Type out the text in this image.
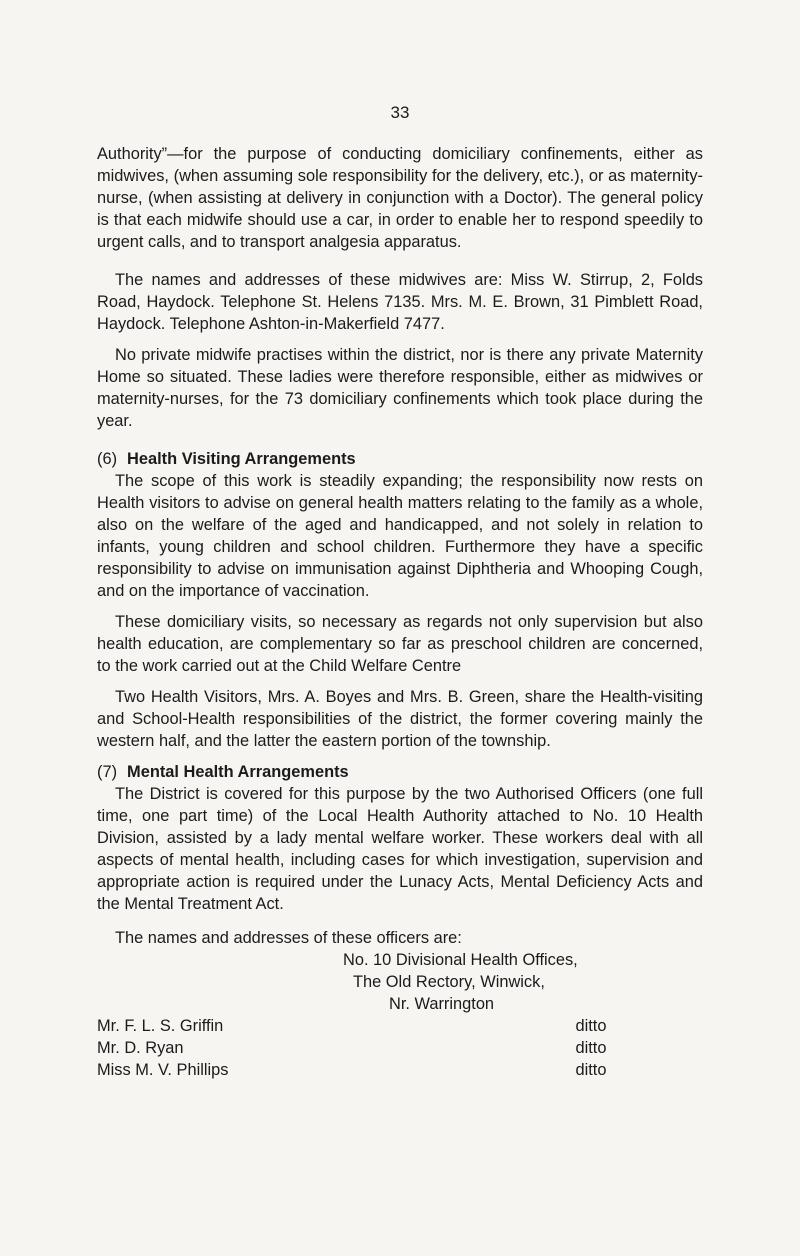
33

Authority”—for the purpose of conducting domiciliary confinements, either as midwives, (when assuming sole responsibility for the delivery, etc.), or as maternity-nurse, (when assisting at delivery in conjunction with a Doctor). The general policy is that each midwife should use a car, in order to enable her to respond speedily to urgent calls, and to transport analgesia apparatus.

The names and addresses of these midwives are: Miss W. Stirrup, 2, Folds Road, Haydock. Telephone St. Helens 7135. Mrs. M. E. Brown, 31 Pimblett Road, Haydock. Telephone Ashton-in-Makerfield 7477.

No private midwife practises within the district, nor is there any private Maternity Home so situated. These ladies were therefore responsible, either as midwives or maternity-nurses, for the 73 domiciliary confinements which took place during the year.

(6) Health Visiting Arrangements

The scope of this work is steadily expanding; the responsibility now rests on Health visitors to advise on general health matters relating to the family as a whole, also on the welfare of the aged and handicapped, and not solely in relation to infants, young children and school children. Furthermore they have a specific responsibility to advise on immunisation against Diphtheria and Whooping Cough, and on the importance of vaccination.

These domiciliary visits, so necessary as regards not only supervision but also health education, are complementary so far as preschool children are concerned, to the work carried out at the Child Welfare Centre

Two Health Visitors, Mrs. A. Boyes and Mrs. B. Green, share the Health-visiting and School-Health responsibilities of the district, the former covering mainly the western half, and the latter the eastern portion of the township.

(7) Mental Health Arrangements

The District is covered for this purpose by the two Authorised Officers (one full time, one part time) of the Local Health Authority attached to No. 10 Health Division, assisted by a lady mental welfare worker. These workers deal with all aspects of mental health, including cases for which investigation, supervision and appropriate action is required under the Lunacy Acts, Mental Deficiency Acts and the Mental Treatment Act.

The names and addresses of these officers are:

No. 10 Divisional Health Offices,
The Old Rectory, Winwick,
Nr. Warrington
Mr. F. L. S. Griffin	ditto
Mr. D. Ryan	ditto
Miss M. V. Phillips	ditto
